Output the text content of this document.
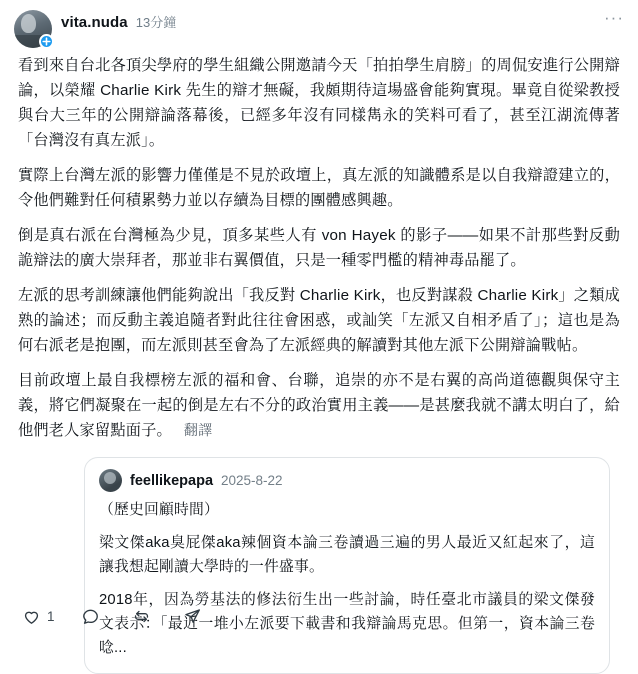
vita.nuda 13分鐘	···

看到來自台北各頂尖學府的學生組織公開邀請今天「拍拍學生肩膀」的周侃安進行公開辯論，以榮耀 Charlie Kirk 先生的辯才無礙，我頗期待這場盛會能夠實現。畢竟自從梁教授與台大三年的公開辯論落幕後，已經多年沒有同樣雋永的笑料可看了，甚至江湖流傳著「台灣沒有真左派」。

實際上台灣左派的影響力僅僅是不見於政壇上，真左派的知識體系是以自我辯證建立的，令他們難對任何積累勢力並以存續為目標的團體感興趣。

倒是真右派在台灣極為少見，頂多某些人有 von Hayek 的影子——如果不計那些對反動詭辯法的廣大崇拜者，那並非右翼價值，只是一種零門檻的精神毒品罷了。

左派的思考訓練讓他們能夠說出「我反對 Charlie Kirk，也反對謀殺 Charlie Kirk」之類成熟的論述；而反動主義追隨者對此往往會困惑，或訕笑「左派又自相矛盾了」；這也是為何右派老是抱團，而左派則甚至會為了左派經典的解讀對其他左派下公開辯論戰帖。

目前政壇上最自我標榜左派的福和會、台聯，追崇的亦不是右翼的高尚道德觀與保守主義，將它們凝聚在一起的倒是左右不分的政治實用主義——是甚麼我就不講太明白了，給他們老人家留點面子。 翻譯

feellikepapa 2025-8-22

（歷史回顧時間）

梁文傑aka臭屁傑aka辣個資本論三卷讀過三遍的男人最近又紅起來了，這讓我想起剛讀大學時的一件盛事。

2018年，因為勞基法的修法衍生出一些討論，時任臺北市議員的梁文傑發文表示：「最近一堆小左派要下載書和我辯論馬克思。但第一，資本論三卷唸...

1
